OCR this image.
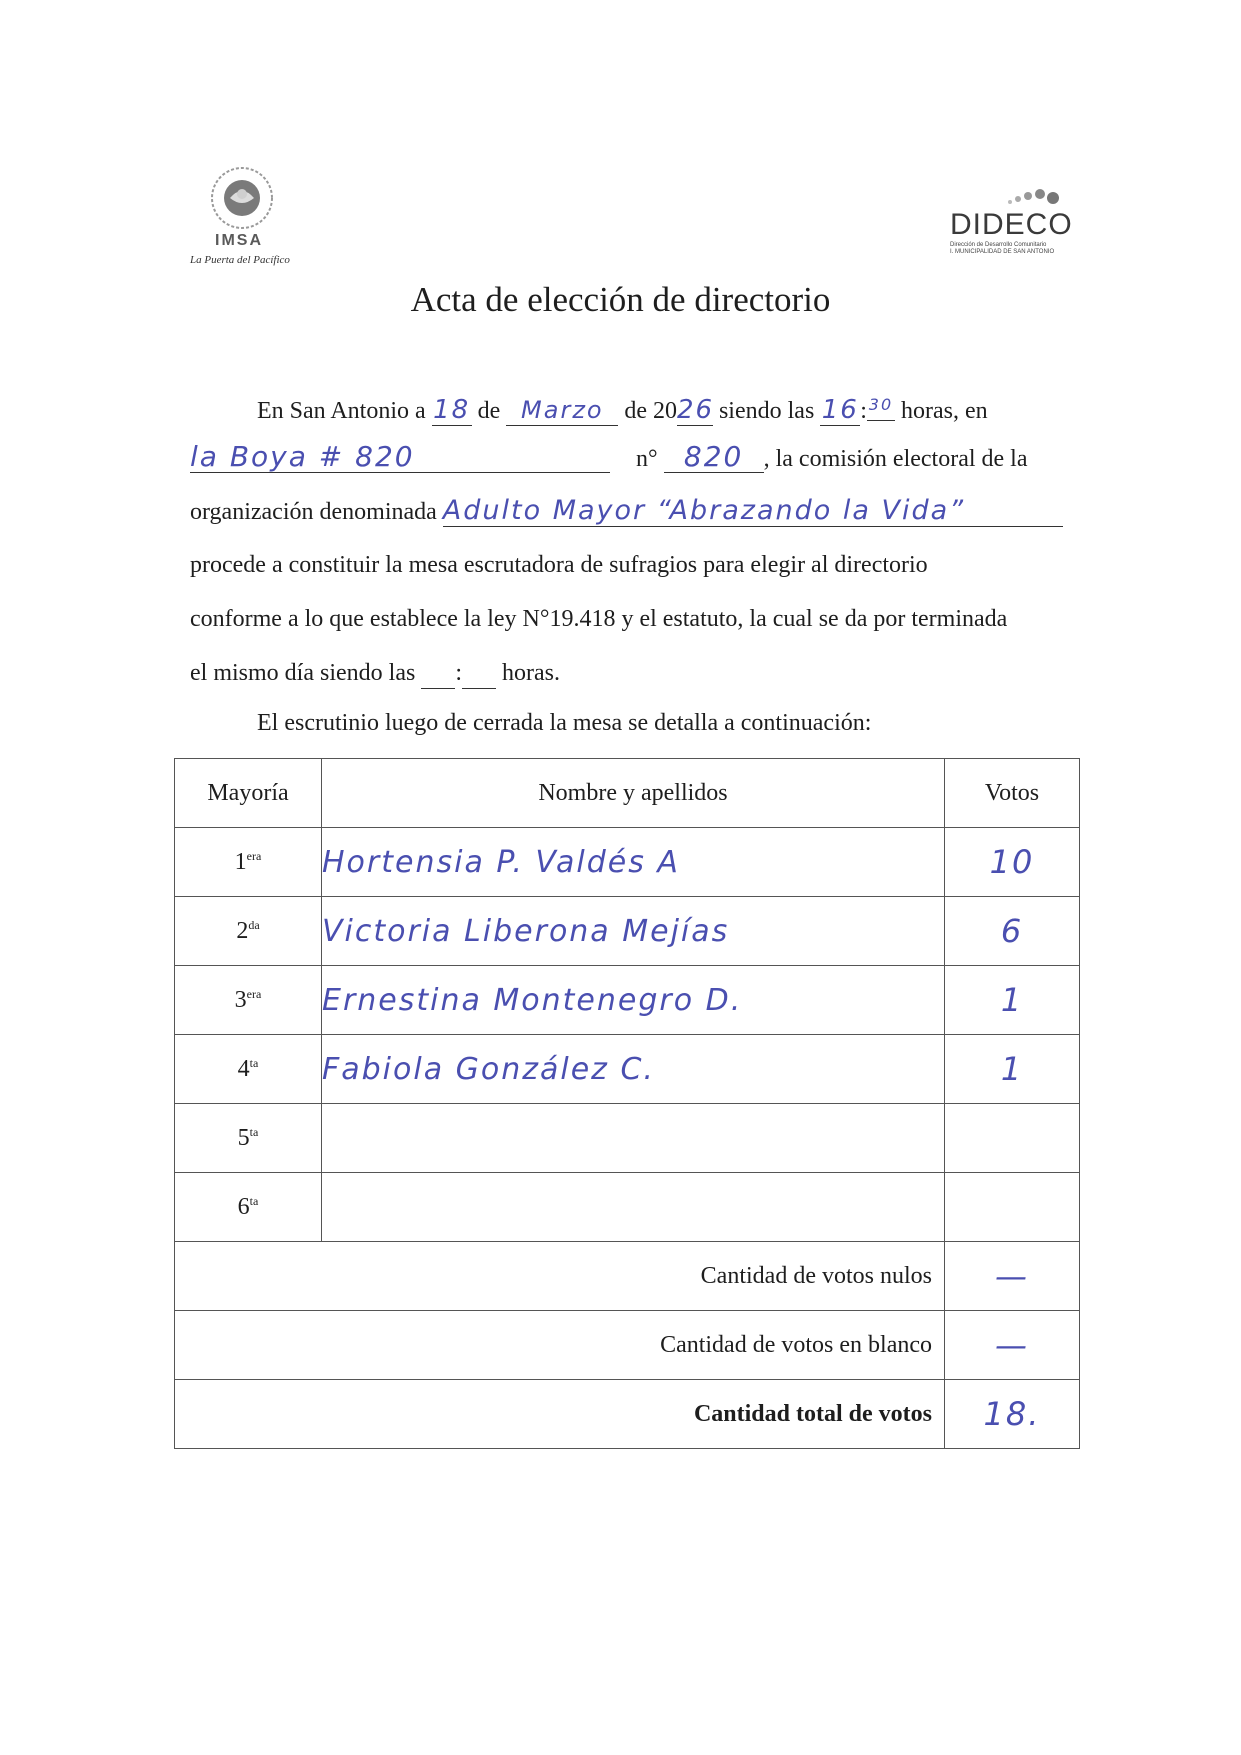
IMSA
La Puerta del Pacífico
DIDECO
Dirección de Desarrollo Comunitario
I. MUNICIPALIDAD DE SAN ANTONIO
Acta de elección de directorio
En San Antonio a 18 de Marzo de 2026 siendo las 16: 30 horas, en
la Boya # 820	n° 820 , la comisión electoral de la
organización denominada Adulto Mayor “Abrazando la Vida”
procede a constituir la mesa escrutadora de sufragios para elegir al directorio
conforme a lo que establece la ley N°19.418 y el estatuto, la cual se da por terminada
el mismo día siendo las : horas.
El escrutinio luego de cerrada la mesa se detalla a continuación:
Mayoría	Nombre y apellidos	Votos
$1^{era}$	Hortensia P. Valdés A	10
$2^{da}$	Victoria Liberona Mejías	6
$3^{era}$	Ernestina Montenegro D.	1
$4^{ta}$	Fabiola González C.	1
$5^{ta}$		
$6^{ta}$		
Cantidad de votos nulos		—
Cantidad de votos en blanco		—
Cantidad total de votos		18.
